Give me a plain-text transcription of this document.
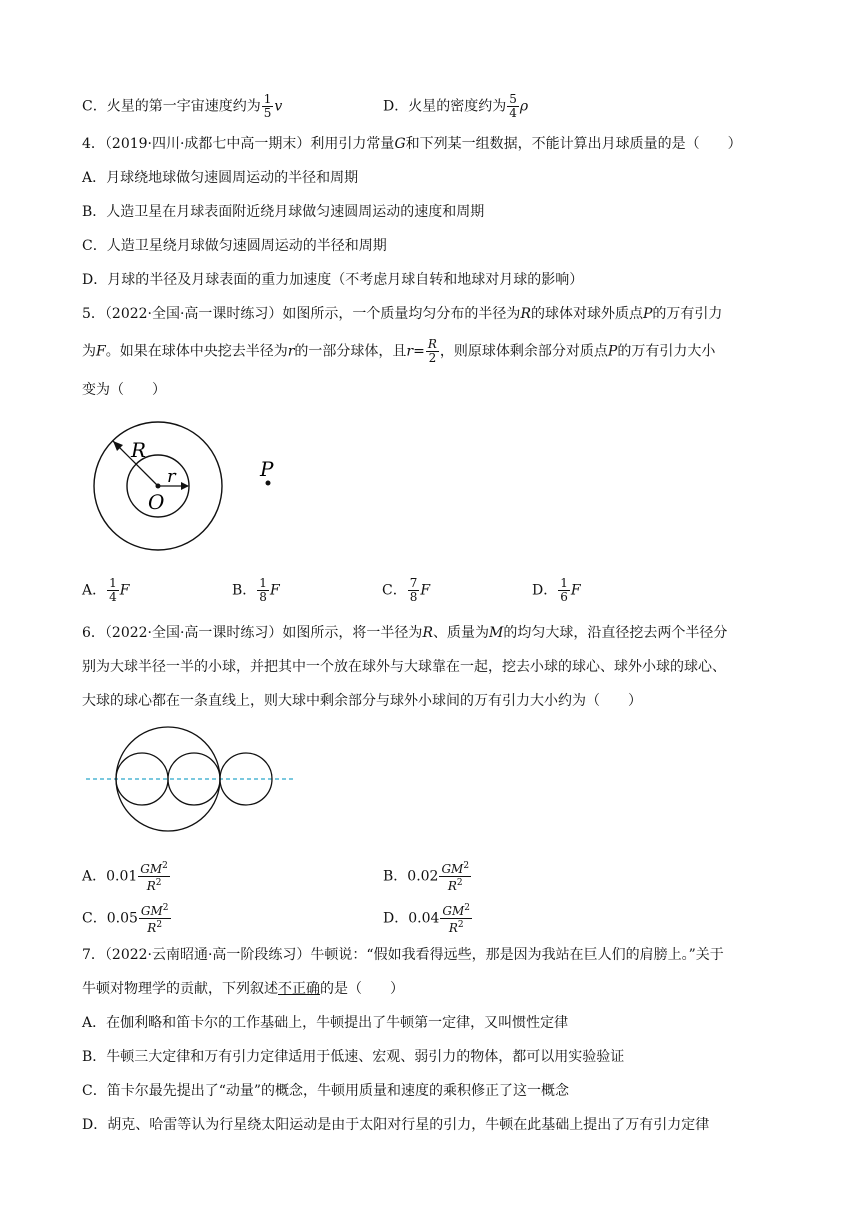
C．火星的第一宇宙速度约为 $\frac{1}{5}$ v	D．火星的密度约为 $\frac{5}{4}$ ρ
4．（2019·四川·成都七中高一期末）利用引力常量G和下列某一组数据，不能计算出月球质量的是（　　）
A．月球绕地球做匀速圆周运动的半径和周期
B．人造卫星在月球表面附近绕月球做匀速圆周运动的速度和周期
C．人造卫星绕月球做匀速圆周运动的半径和周期
D．月球的半径及月球表面的重力加速度（不考虑月球自转和地球对月球的影响）
5．（2022·全国·高一课时练习）如图所示，一个质量均匀分布的半径为R的球体对球外质点P的万有引力
为F。如果在球体中央挖去半径为r的一部分球体，且$r= \frac{R}{2}$ ，则原球体剩余部分对质点P的万有引力大小
变为（　　）
R
r
O
P
A． $\frac{1}{4}$ F	B． $\frac{1}{8}$ F	C． $\frac{7}{8}$ F	D． $\frac{1}{6}$ F
6．（2022·全国·高一课时练习）如图所示，将一半径为R、质量为M的均匀大球，沿直径挖去两个半径分
别为大球半径一半的小球，并把其中一个放在球外与大球靠在一起，挖去小球的球心、球外小球的球心、
大球的球心都在一条直线上，则大球中剩余部分与球外小球间的万有引力大小约为（　　）
A．$0.01 \frac{GM^2}{R^2}$	B．$0.02 \frac{GM^2}{R^2}$
C．$0.05 \frac{GM^2}{R^2}$	D．$0.04 \frac{GM^2}{R^2}$
7．（2022·云南昭通·高一阶段练习）牛顿说：“假如我看得远些，那是因为我站在巨人们的肩膀上。”关于
牛顿对物理学的贡献，下列叙述不正确的是（　　）
A．在伽利略和笛卡尔的工作基础上，牛顿提出了牛顿第一定律，又叫惯性定律
B．牛顿三大定律和万有引力定律适用于低速、宏观、弱引力的物体，都可以用实验验证
C．笛卡尔最先提出了“动量”的概念，牛顿用质量和速度的乘积修正了这一概念
D．胡克、哈雷等认为行星绕太阳运动是由于太阳对行星的引力，牛顿在此基础上提出了万有引力定律
